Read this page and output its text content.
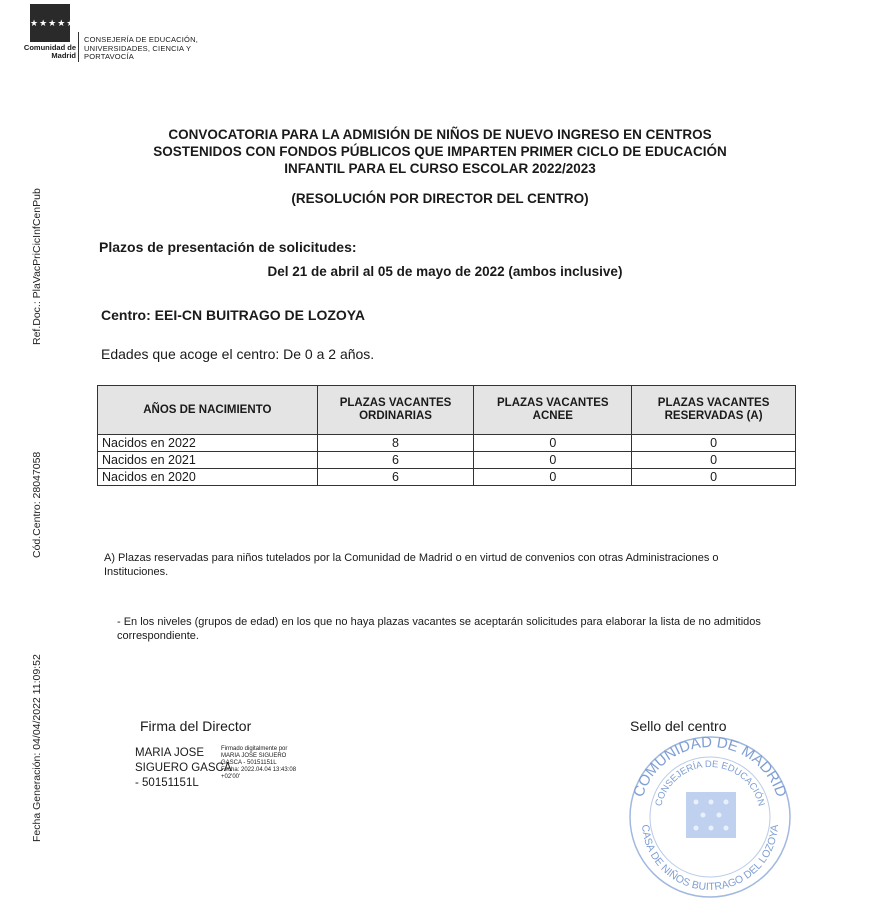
★★★★★★★
Comunidad de Madrid
CONSEJERÍA DE EDUCACIÓN, UNIVERSIDADES, CIENCIA Y PORTAVOCÍA
Ref.Doc.: PlaVacPriCicInfCenPub
Cód.Centro: 28047058
Fecha Generación: 04/04/2022 11:09:52
CONVOCATORIA PARA LA ADMISIÓN DE NIÑOS DE NUEVO INGRESO EN CENTROS
SOSTENIDOS CON FONDOS PÚBLICOS QUE IMPARTEN PRIMER CICLO DE EDUCACIÓN
INFANTIL PARA EL CURSO ESCOLAR 2022/2023
(RESOLUCIÓN POR DIRECTOR DEL CENTRO)
Plazos de presentación de solicitudes:
Del 21 de abril al 05 de mayo de 2022 (ambos inclusive)
Centro: EEI-CN BUITRAGO DE LOZOYA
Edades que acoge el centro: De 0 a 2 años.
AÑOS DE NACIMIENTO	PLAZAS VACANTES ORDINARIAS	PLAZAS VACANTES ACNEE	PLAZAS VACANTES RESERVADAS (A)
Nacidos en 2022	8	0	0
Nacidos en 2021	6	0	0
Nacidos en 2020	6	0	0
A) Plazas reservadas para niños tutelados por la Comunidad de Madrid o en virtud de convenios con otras Administraciones o Instituciones.
- En los niveles (grupos de edad) en los que no haya plazas vacantes se aceptarán solicitudes para elaborar la lista de no admitidos correspondiente.
Firma del Director
MARIA JOSE
SIGUERO GASCA
- 50151151L
Firmado digitalmente por
MARIA JOSE SIGUERO
GASCA - 50151151L
Fecha: 2022.04.04 13:43:08
+02'00'
Sello del centro
COMUNIDAD DE MADRID
CONSEJERÍA DE EDUCACIÓN
CASA DE NIÑOS BUITRAGO DEL LOZOYA
